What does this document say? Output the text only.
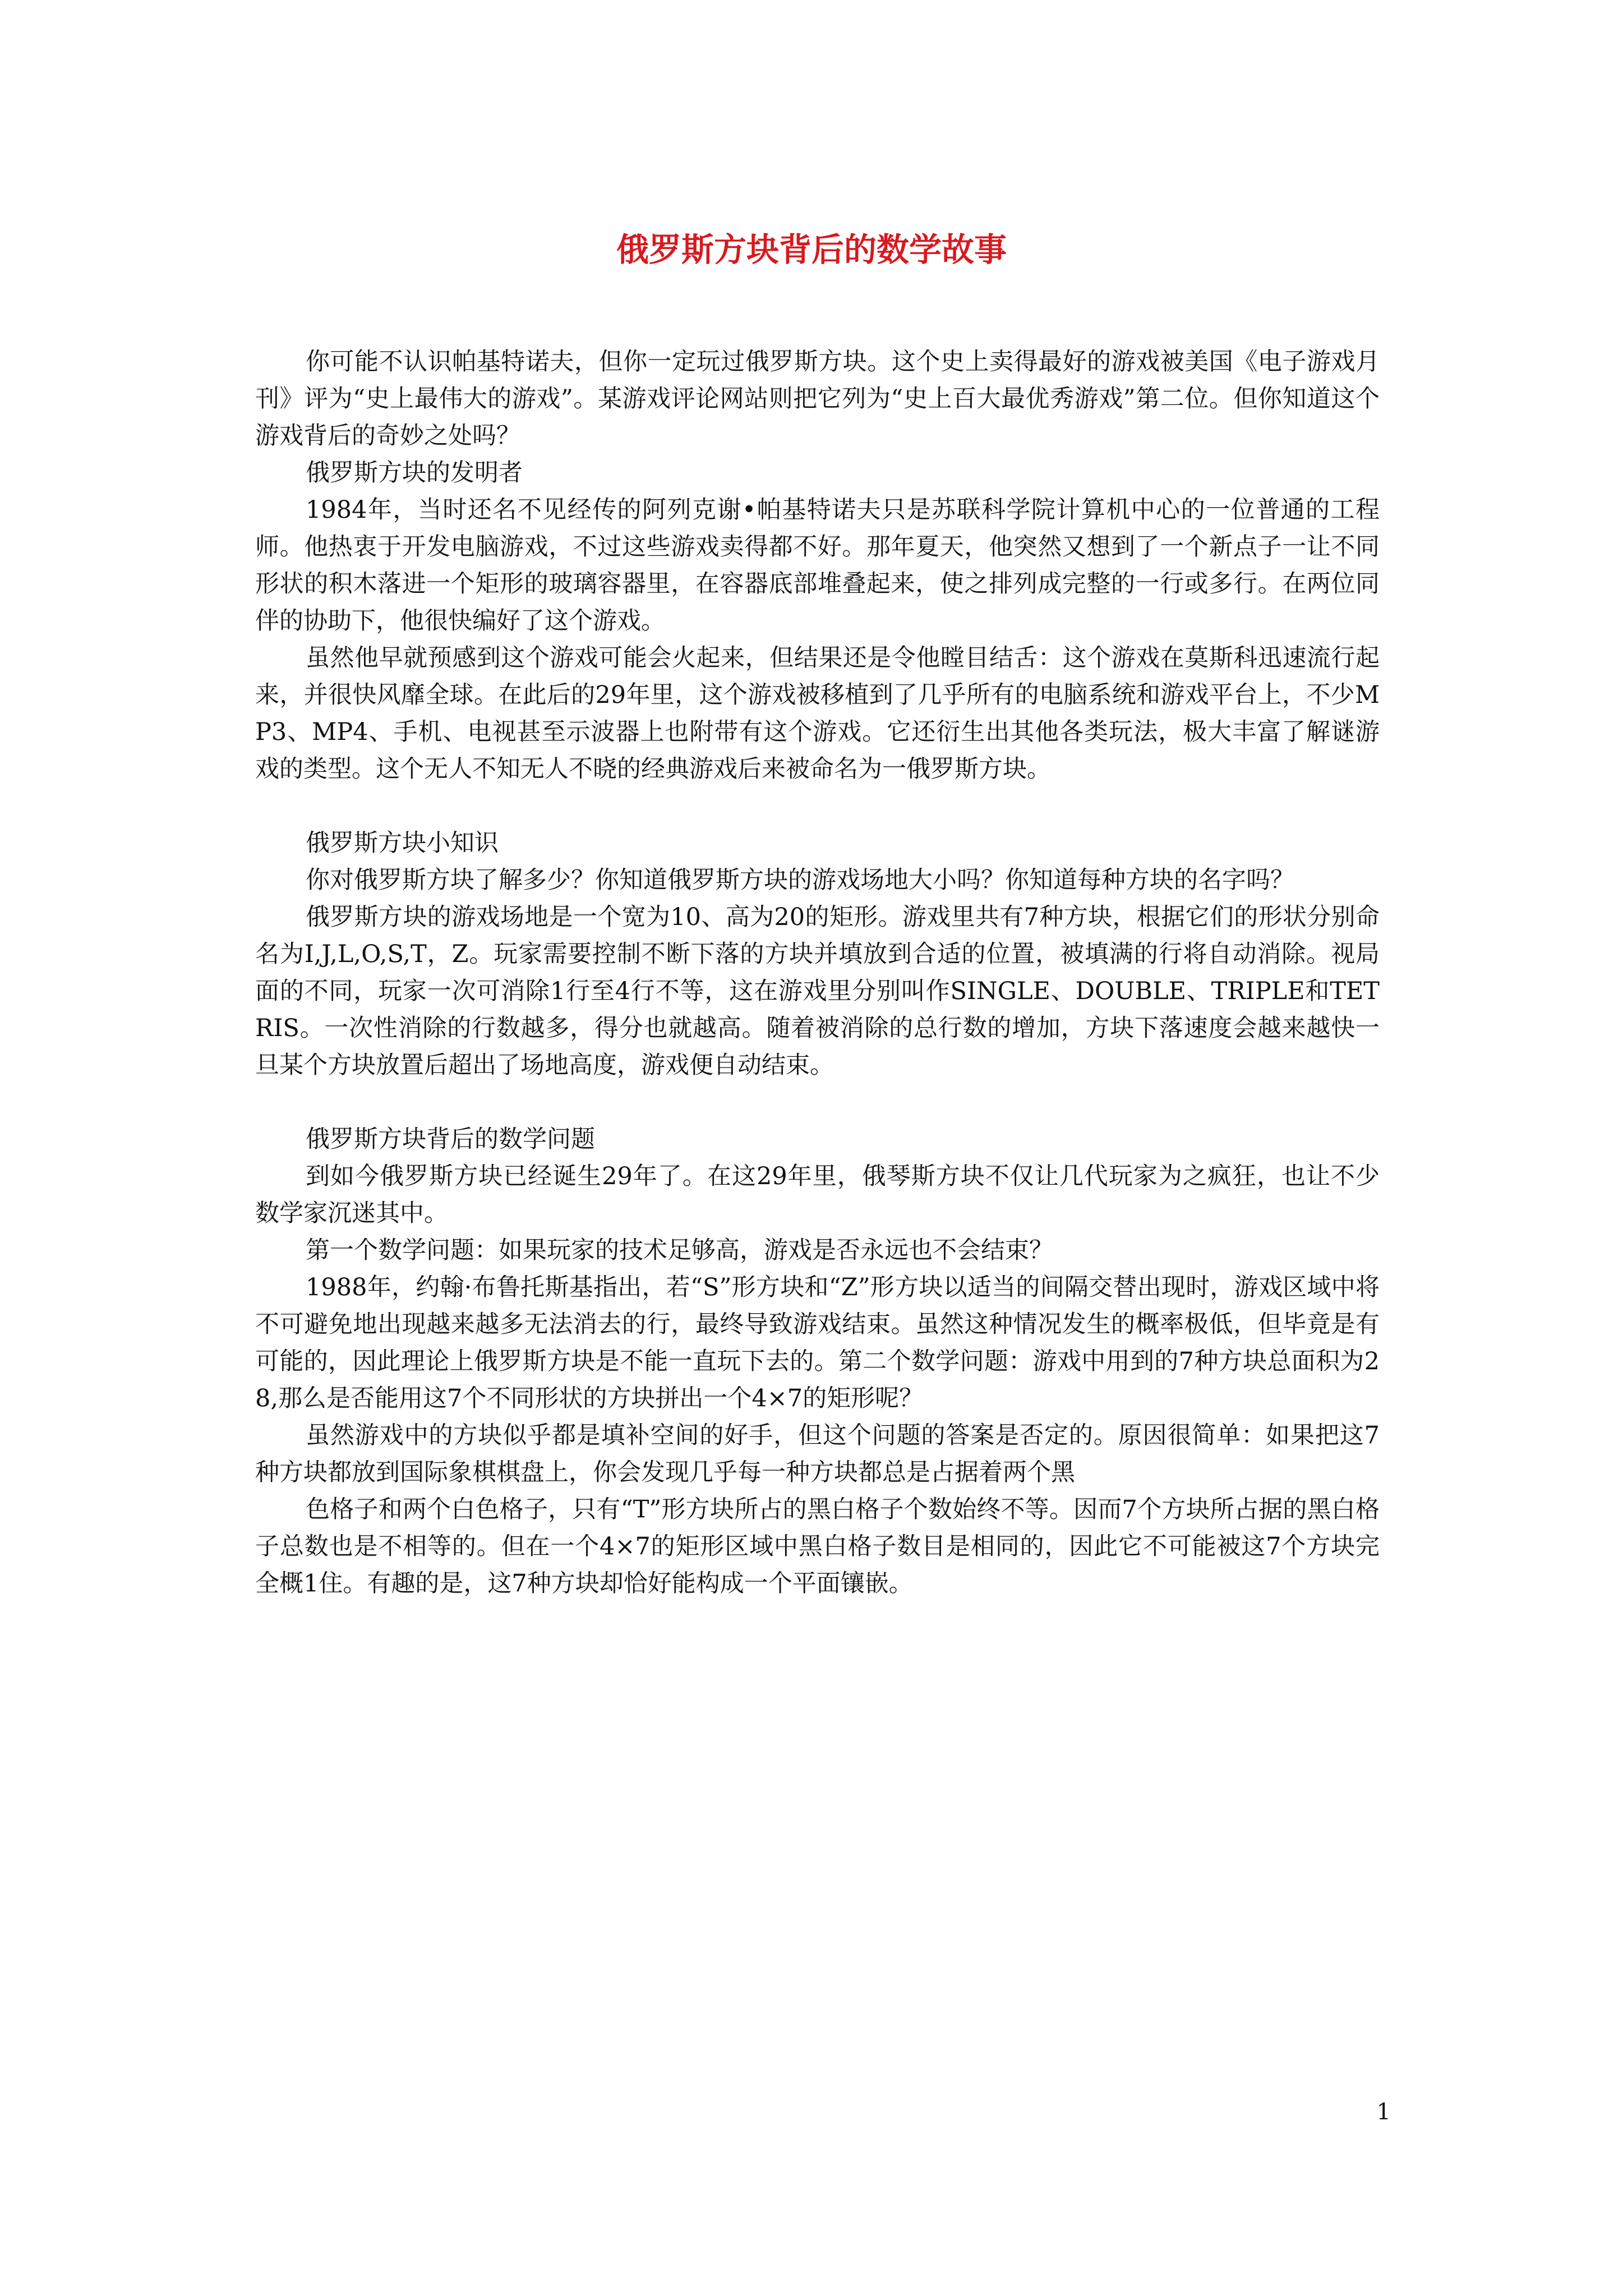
俄罗斯方块背后的数学故事

你可能不认识帕基特诺夫，但你一定玩过俄罗斯方块。这个史上卖得最好的游戏被美国《电子游戏月刊》评为“史上最伟大的游戏”。某游戏评论网站则把它列为“史上百大最优秀游戏”第二位。但你知道这个游戏背后的奇妙之处吗？

俄罗斯方块的发明者

1984年，当时还名不见经传的阿列克谢•帕基特诺夫只是苏联科学院计算机中心的一位普通的工程师。他热衷于开发电脑游戏，不过这些游戏卖得都不好。那年夏天，他突然又想到了一个新点子一让不同形状的积木落进一个矩形的玻璃容器里，在容器底部堆叠起来，使之排列成完整的一行或多行。在两位同伴的协助下，他很快编好了这个游戏。

虽然他早就预感到这个游戏可能会火起来，但结果还是令他瞠目结舌：这个游戏在莫斯科迅速流行起来，并很快风靡全球。在此后的29年里，这个游戏被移植到了几乎所有的电脑系统和游戏平台上，不少MP3、MP4、手机、电视甚至示波器上也附带有这个游戏。它还衍生出其他各类玩法，极大丰富了解谜游戏的类型。这个无人不知无人不晓的经典游戏后来被命名为一俄罗斯方块。

俄罗斯方块小知识

你对俄罗斯方块了解多少？你知道俄罗斯方块的游戏场地大小吗？你知道每种方块的名字吗？

俄罗斯方块的游戏场地是一个宽为10、高为20的矩形。游戏里共有7种方块，根据它们的形状分别命名为I,J,L,O,S,T，Z。玩家需要控制不断下落的方块并填放到合适的位置，被填满的行将自动消除。视局面的不同，玩家一次可消除1行至4行不等，这在游戏里分别叫作SINGLE、DOUBLE、TRIPLE和TETRIS。一次性消除的行数越多，得分也就越高。随着被消除的总行数的增加，方块下落速度会越来越快一旦某个方块放置后超出了场地高度，游戏便自动结束。

俄罗斯方块背后的数学问题

到如今俄罗斯方块已经诞生29年了。在这29年里，俄琴斯方块不仅让几代玩家为之疯狂，也让不少数学家沉迷其中。

第一个数学问题：如果玩家的技术足够高，游戏是否永远也不会结束？

1988年，约翰·布鲁托斯基指出，若“S”形方块和“Z”形方块以适当的间隔交替出现时，游戏区域中将不可避免地出现越来越多无法消去的行，最终导致游戏结束。虽然这种情况发生的概率极低，但毕竟是有可能的，因此理论上俄罗斯方块是不能一直玩下去的。第二个数学问题：游戏中用到的7种方块总面积为28,那么是否能用这7个不同形状的方块拼出一个4×7的矩形呢？

虽然游戏中的方块似乎都是填补空间的好手，但这个问题的答案是否定的。原因很简单：如果把这7种方块都放到国际象棋棋盘上，你会发现几乎每一种方块都总是占据着两个黑

色格子和两个白色格子，只有“T”形方块所占的黑白格子个数始终不等。因而7个方块所占据的黑白格子总数也是不相等的。但在一个4×7的矩形区域中黑白格子数目是相同的，因此它不可能被这7个方块完全概1住。有趣的是，这7种方块却恰好能构成一个平面镶嵌。

1
